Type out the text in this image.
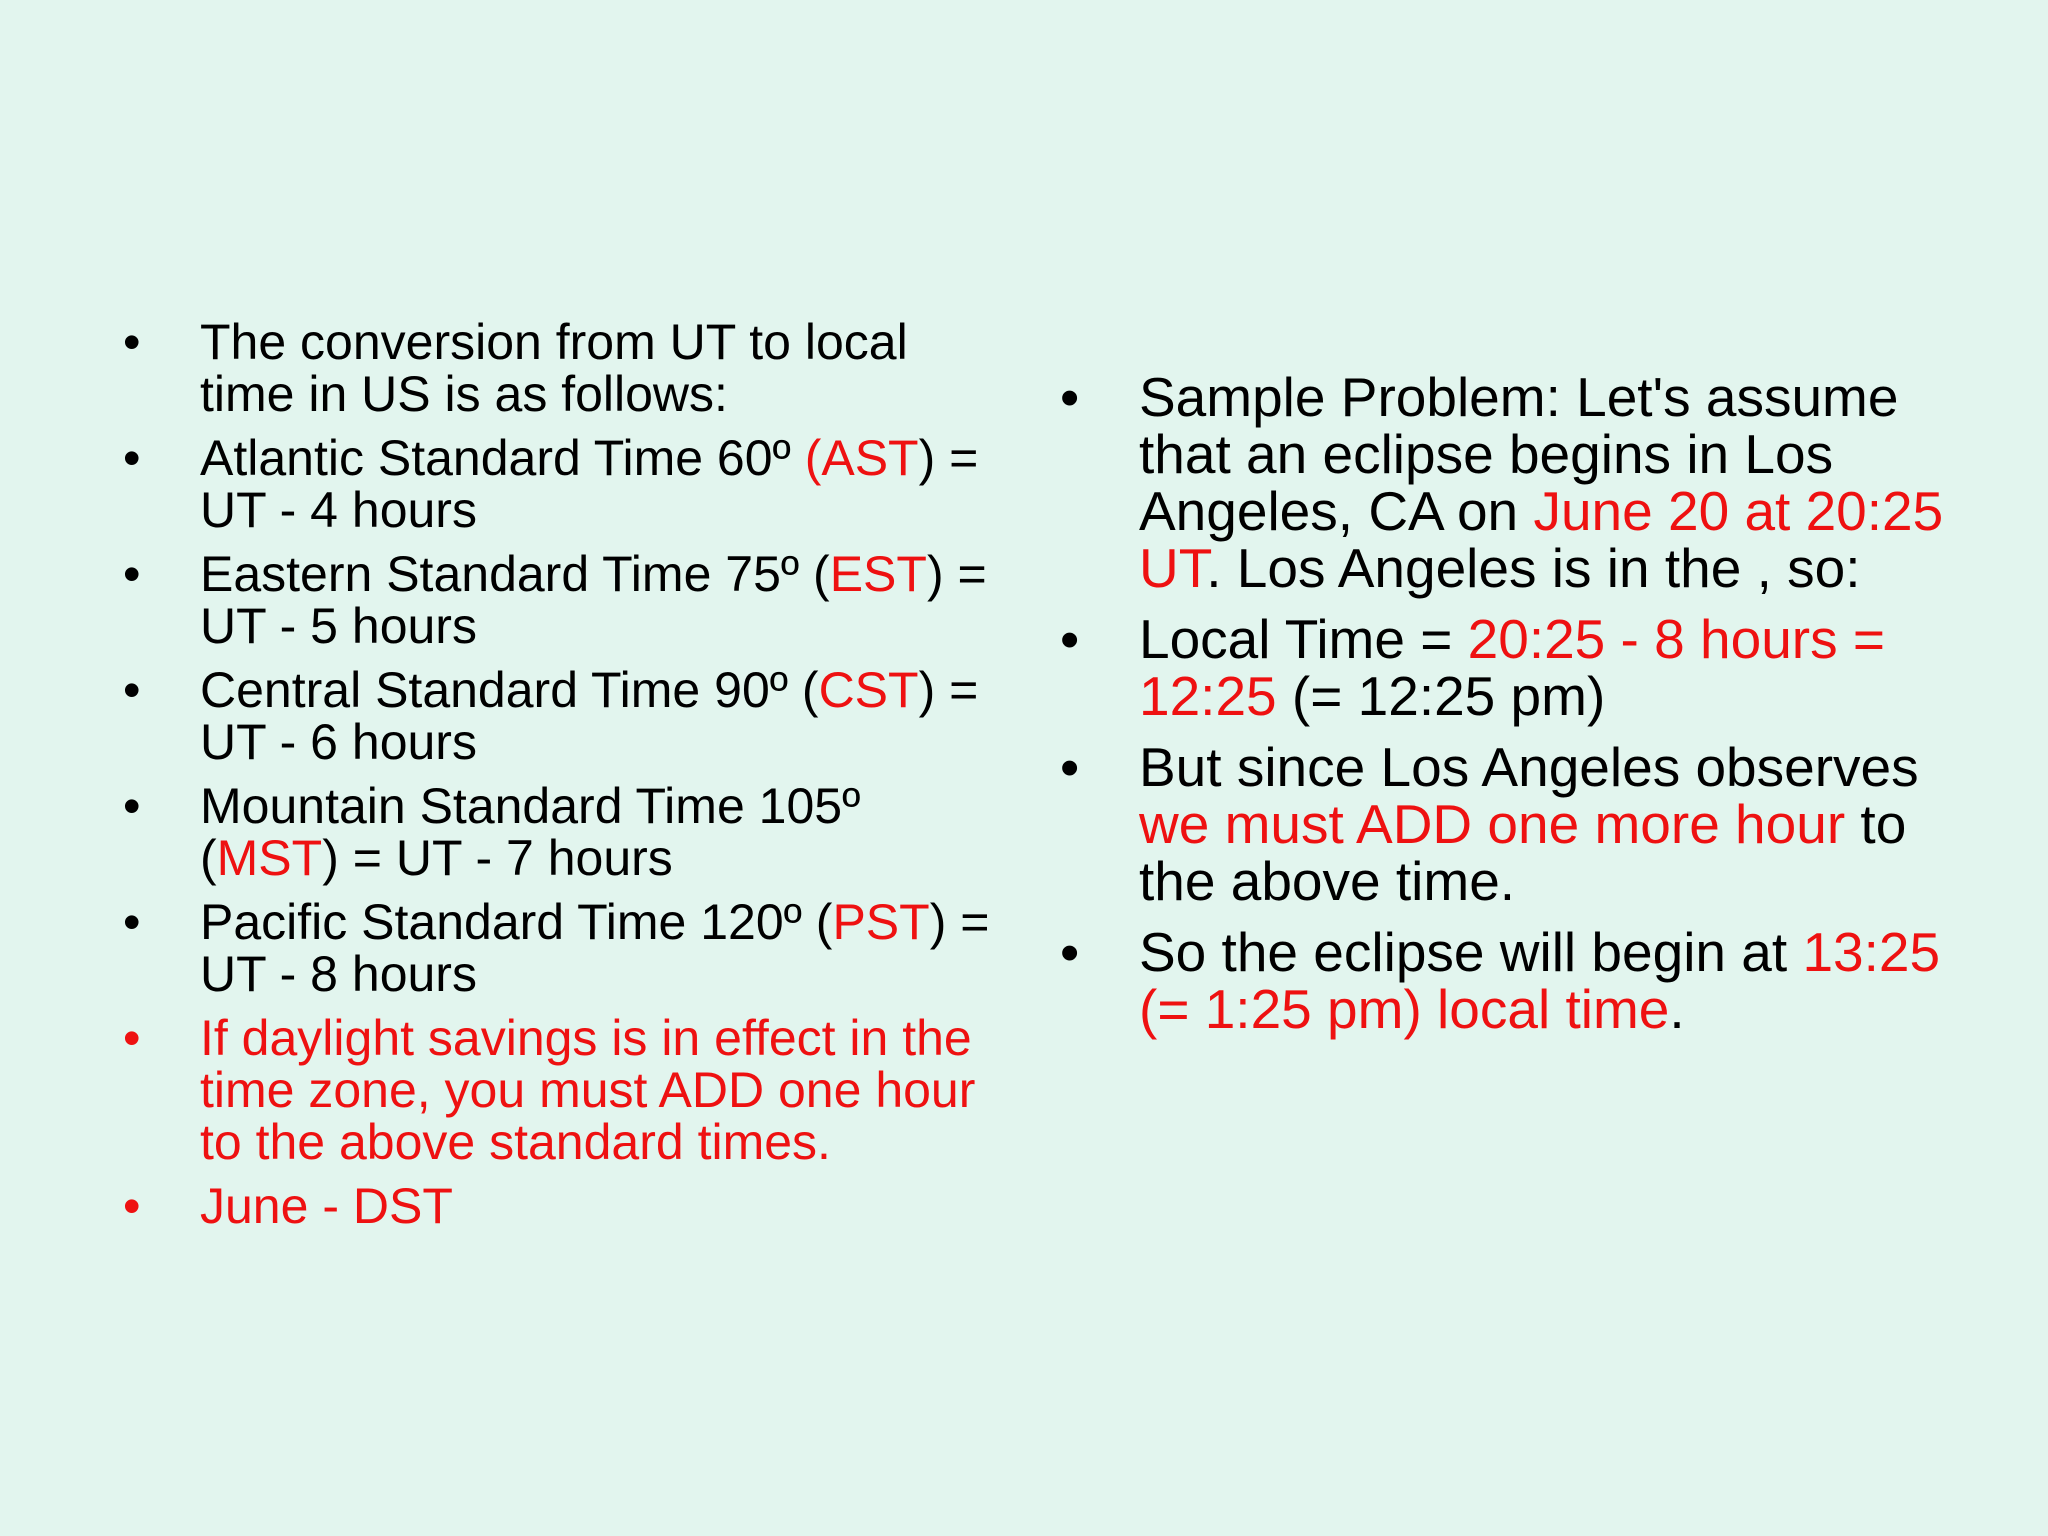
• The conversion from UT to local time in US is as follows:
• Atlantic Standard Time 60º (AST) = UT - 4 hours
• Eastern Standard Time 75º (EST) = UT - 5 hours
• Central Standard Time 90º (CST) = UT - 6 hours
• Mountain Standard Time 105º (MST) = UT - 7 hours
• Pacific Standard Time 120º (PST) = UT - 8 hours
• If daylight savings is in effect in the time zone, you must ADD one hour to the above standard times.
• June - DST
• Sample Problem: Let's assume that an eclipse begins in Los Angeles, CA on June 20 at 20:25 UT. Los Angeles is in the , so:
• Local Time = 20:25 - 8 hours = 12:25 (= 12:25 pm)
• But since Los Angeles observes we must ADD one more hour to the above time.
• So the eclipse will begin at 13:25 (= 1:25 pm) local time.
